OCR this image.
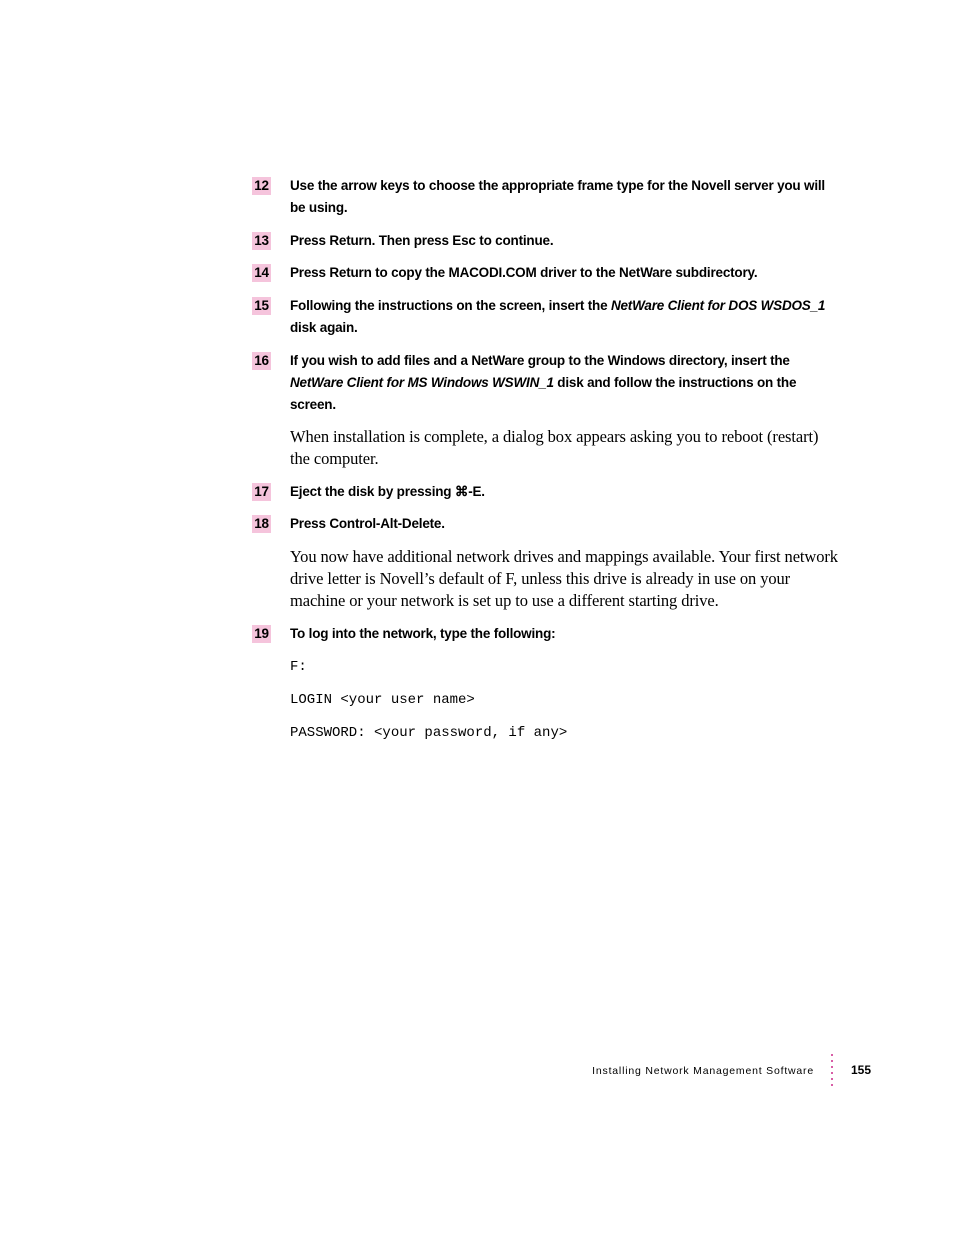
12 Use the arrow keys to choose the appropriate frame type for the Novell server you will be using.
13 Press Return. Then press Esc to continue.
14 Press Return to copy the MACODI.COM driver to the NetWare subdirectory.
15 Following the instructions on the screen, insert the NetWare Client for DOS WSDOS_1 disk again.
16 If you wish to add files and a NetWare group to the Windows directory, insert the NetWare Client for MS Windows WSWIN_1 disk and follow the instructions on the screen.
When installation is complete, a dialog box appears asking you to reboot (restart) the computer.
17 Eject the disk by pressing ⌘-E.
18 Press Control-Alt-Delete.
You now have additional network drives and mappings available. Your first network drive letter is Novell’s default of F, unless this drive is already in use on your machine or your network is set up to use a different starting drive.
19 To log into the network, type the following:
F:
LOGIN <your user name>
PASSWORD: <your password, if any>
Installing Network Management Software	155
